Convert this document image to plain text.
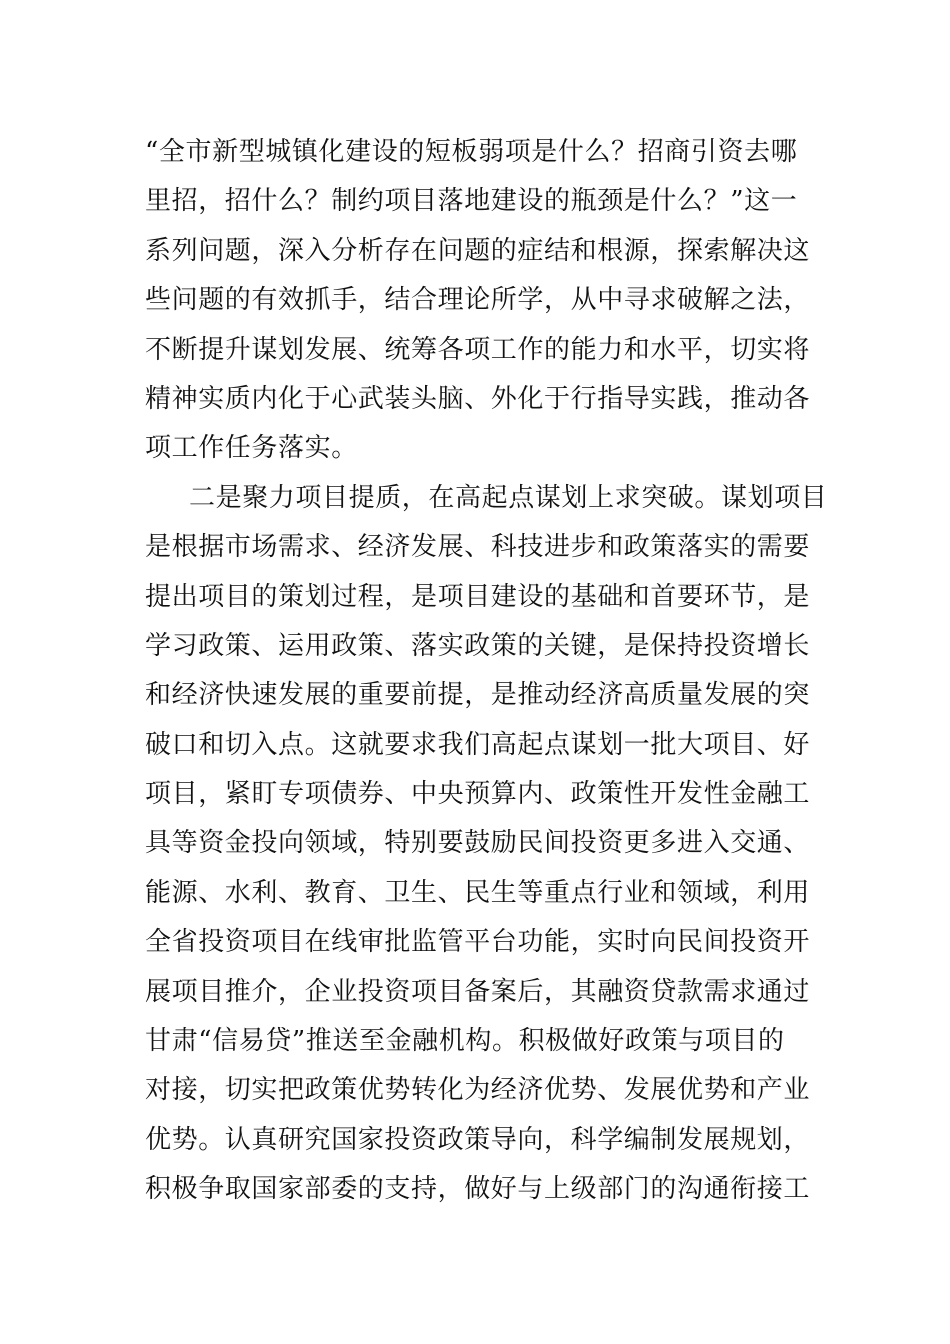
“全市新型城镇化建设的短板弱项是什么？招商引资去哪
里招，招什么？制约项目落地建设的瓶颈是什么？”这一
系列问题，深入分析存在问题的症结和根源，探索解决这
些问题的有效抓手，结合理论所学，从中寻求破解之法，
不断提升谋划发展、统筹各项工作的能力和水平，切实将
精神实质内化于心武装头脑、外化于行指导实践，推动各
项工作任务落实。
二是聚力项目提质，在高起点谋划上求突破。谋划项目
是根据市场需求、经济发展、科技进步和政策落实的需要
提出项目的策划过程，是项目建设的基础和首要环节，是
学习政策、运用政策、落实政策的关键，是保持投资增长
和经济快速发展的重要前提，是推动经济高质量发展的突
破口和切入点。这就要求我们高起点谋划一批大项目、好
项目，紧盯专项债券、中央预算内、政策性开发性金融工
具等资金投向领域，特别要鼓励民间投资更多进入交通、
能源、水利、教育、卫生、民生等重点行业和领域，利用
全省投资项目在线审批监管平台功能，实时向民间投资开
展项目推介，企业投资项目备案后，其融资贷款需求通过
甘肃“信易贷”推送至金融机构。积极做好政策与项目的
对接，切实把政策优势转化为经济优势、发展优势和产业
优势。认真研究国家投资政策导向，科学编制发展规划，
积极争取国家部委的支持，做好与上级部门的沟通衔接工
